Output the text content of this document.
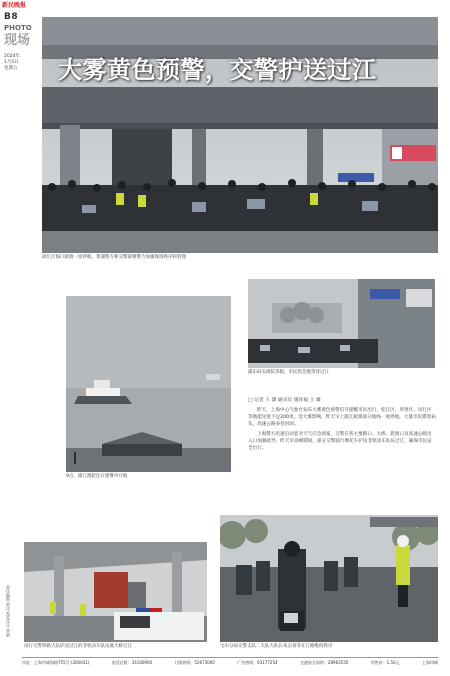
新民晚报
B8
PHOTO
现场
2024年
1月5日
星期五	大雾黄色预警，交警护送过江
徐汇区海口轮渡一度停航，黄浦警方和交警部署警力加强现场秩序和管理
9点，浦江渡轮还在迷雾中开航
浦东码头排队等船，市民焦急地等待过江
□ 记者 王 潇 通讯员 施泽福 王 雄

昨天，上海中心气象台发布大雾黄色预警信号提醒市民出行，松江区、奉贤区、闵行区等地能见度不足200米。受大雾影响，昨天早上浦江轮渡部分航线一度停航，大量市民滞留码头，高速公路多处封闭。

上海警方迅速启动恶劣天气应急预案，交警在各主要路口、大桥、轮渡口及高速公路出入口加强疏导，昨天早高峰期间，部分交警骑行摩托车护送非机动车队伍过江，确保市民安全出行。

闵行交警铁路大队护送过江的非机动车队伍驶大桥过江	宝山分局交警支队二大队大队长朱志春等在江路维持秩序
责任编辑:黄佳 视觉设计:黄娟
社址：上海市威海路755号 (200041)	电话总机：34160900	订阅热线：52673000	广告热线：63177254	交通安全网络：28963535	零售价：1.50元	上海印刷
